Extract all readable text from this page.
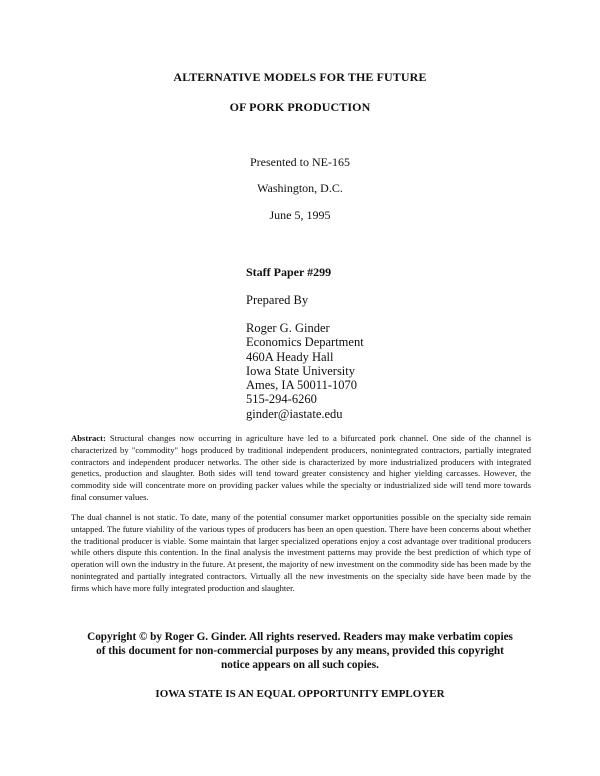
ALTERNATIVE MODELS FOR THE FUTURE
OF PORK PRODUCTION
Presented to NE-165
Washington, D.C.
June 5, 1995
Staff Paper #299
Prepared By
Roger G. Ginder
Economics Department
460A Heady Hall
Iowa State University
Ames, IA 50011-1070
515-294-6260
ginder@iastate.edu
Abstract: Structural changes now occurring in agriculture have led to a bifurcated pork channel. One side of the channel is characterized by "commodity" hogs produced by traditional independent producers, nonintegrated contractors, partially integrated contractors and independent producer networks. The other side is characterized by more industrialized producers with integrated genetics, production and slaughter. Both sides will tend toward greater consistency and higher yielding carcasses. However, the commodity side will concentrate more on providing packer values while the specialty or industrialized side will tend more towards final consumer values.
The dual channel is not static. To date, many of the potential consumer market opportunities possible on the specialty side remain untapped. The future viability of the various types of producers has been an open question. There have been concerns about whether the traditional producer is viable. Some maintain that larger specialized operations enjoy a cost advantage over traditional producers while others dispute this contention. In the final analysis the investment patterns may provide the best prediction of which type of operation will own the industry in the future. At present, the majority of new investment on the commodity side has been made by the nonintegrated and partially integrated contractors. Virtually all the new investments on the specialty side have been made by the firms which have more fully integrated production and slaughter.
Copyright © by Roger G. Ginder. All rights reserved. Readers may make verbatim copies
of this document for non-commercial purposes by any means, provided this copyright
notice appears on all such copies.
IOWA STATE IS AN EQUAL OPPORTUNITY EMPLOYER
